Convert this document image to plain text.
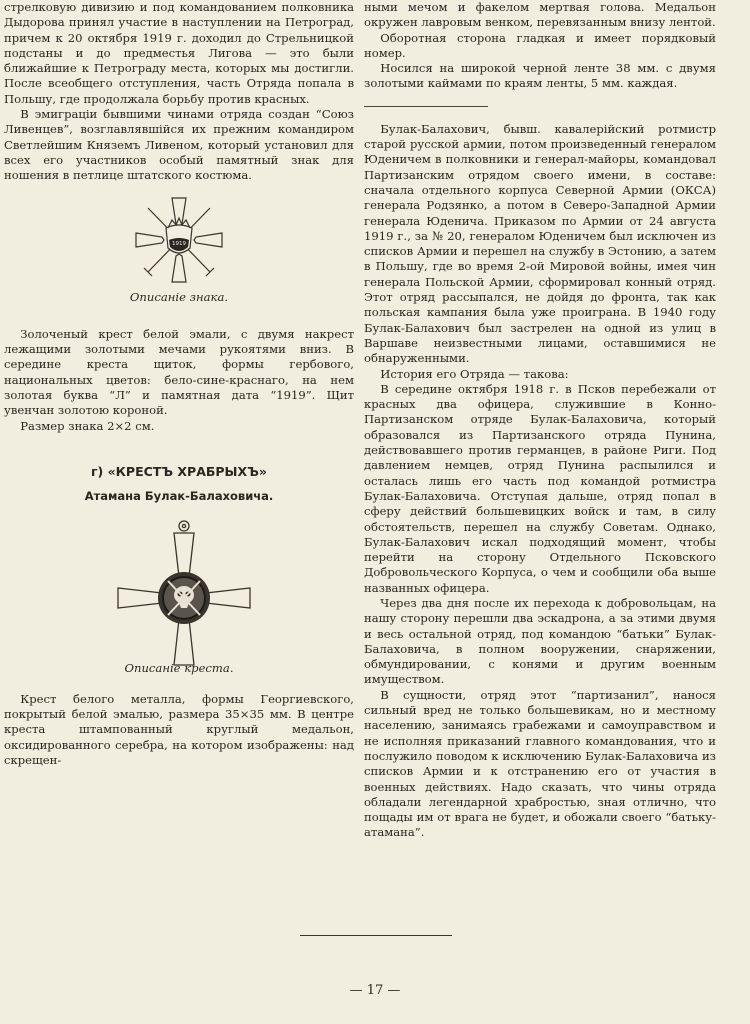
стрелковую дивизию и под командованием полковника Дыдорова принял участие в наступлении на Петроград, причем к 20 октября 1919 г. доходил до Стрельницкой подстаны и до предместья Лигова — это были ближайшие к Петрограду места, которых мы достигли. После всеобщего отступления, часть Отряда попала в Польшу, где продолжала борьбу против красных.

В эмиграціи бывшими чинами отряда создан “Союз Ливенцев”, возглавлявшійся их прежним командиром Светлейшим Княземъ Ливеном, который установил для всех его участников особый памятный знак для ношения в петлице штатского костюма.

1919

Описаніе знака.

Золоченый крест белой эмали, с двумя накрест лежащими золотыми мечами рукоятями вниз. В середине креста щиток, формы гербового, национальных цветов: бело-сине-краснаго, на нем золотая буква “Л” и памятная дата “1919”. Щит увенчан золотою короной.

Размер знака 2×2 см.

г) «КРЕСТЪ ХРАБРЫХЪ»

Атамана Булак-Балаховича.

Описаніе креста.

Крест белого металла, формы Георгиевского, покрытый белой эмалью, размера 35×35 мм. В центре креста штампованный круглый медальон, оксидированного серебра, на котором изображены: над скрещен-

ными мечом и факелом мертвая голова. Медальон окружен лавровым венком, перевязанным внизу лентой.

Оборотная сторона гладкая и имеет порядковый номер.

Носился на широкой черной ленте 38 мм. с двумя золотыми каймами по краям ленты, 5 мм. каждая.

Булак-Балахович, бывш. кавалерійский ротмистр старой русской армии, потом произведенный генералом Юденичем в полковники и генерал-майоры, командовал Партизанским отрядом своего имени, в составе: сначала отдельного корпуса Северной Армии (ОКСА) генерала Родзянко, а потом в Северо-Западной Армии генерала Юденича. Приказом по Армии от 24 августа 1919 г., за № 20, генералом Юденичем был исключен из списков Армии и перешел на службу в Эстонию, а затем в Польшу, где во время 2-ой Мировой войны, имея чин генерала Польской Армии, сформировал конный отряд. Этот отряд рассыпался, не дойдя до фронта, так как польская кампания была уже проиграна. В 1940 году Булак-Балахович был застрелен на одной из улиц в Варшаве неизвестными лицами, оставшимися не обнаруженными.

История его Отряда — такова:

В середине октября 1918 г. в Псков перебежали от красных два офицера, служившие в Конно-Партизанском отряде Булак-Балаховича, который образовался из Партизанского отряда Пунина, действовавшего против германцев, в районе Риги. Под давлением немцев, отряд Пунина распылился и осталась лишь его часть под командой ротмистра Булак-Балаховича. Отступая дальше, отряд попал в сферу действий большевицких войск и там, в силу обстоятельств, перешел на службу Советам. Однако, Булак-Балахович искал подходящий момент, чтобы перейти на сторону Отдельного Псковского Добровольческого Корпуса, о чем и сообщили оба выше названных офицера.

Через два дня после их перехода к добровольцам, на нашу сторону перешли два эскадрона, а за этими двумя и весь остальной отряд, под командою “батьки” Булак-Балаховича, в полном вооружении, снаряжении, обмундировании, с конями и другим военным имуществом.

В сущности, отряд этот “партизанил”, нанося сильный вред не только большевикам, но и местному населению, занимаясь грабежами и самоуправством и не исполняя приказаний главного командования, что и послужило поводом к исключению Булак-Балаховича из списков Армии и к отстранению его от участия в военных действиях. Надо сказать, что чины отряда обладали легендарной храбростью, зная отлично, что пощады им от врага не будет, и обожали своего “батьку-атамана”.

— 17 —
